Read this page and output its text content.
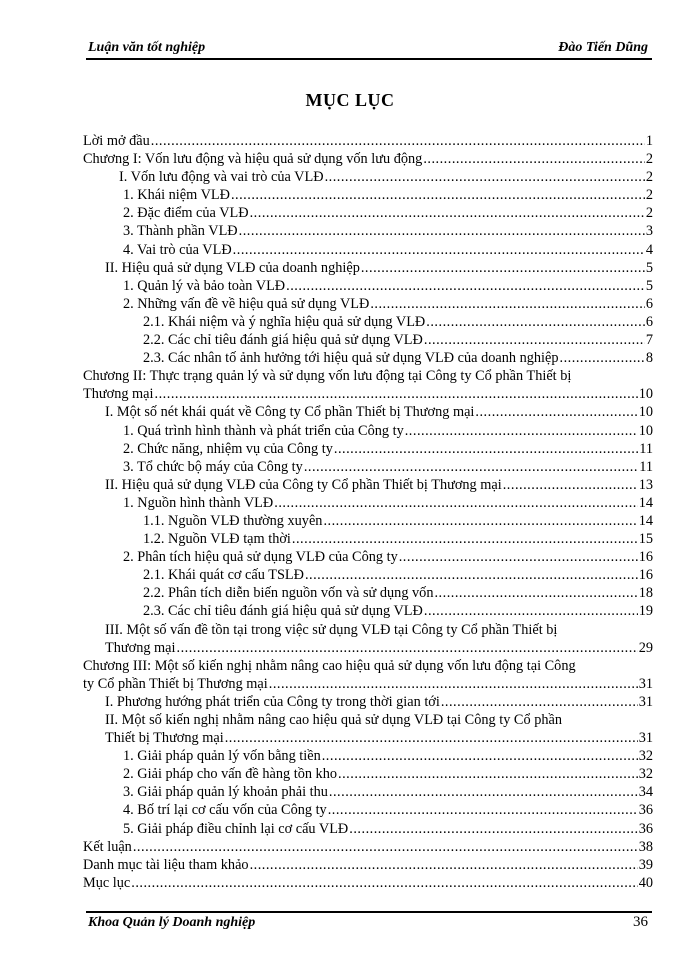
Luận văn tốt nghiệp	Đào Tiến Dũng
MỤC LỤC
Lời mở đầu .....	1
Chương I: Vốn lưu động và hiệu quả sử dụng vốn lưu động .....	2
I. Vốn lưu động và vai trò của VLĐ .....	2
1. Khái niệm VLĐ .....	2
2. Đặc điểm của VLĐ .....	2
3. Thành phần VLĐ .....	3
4. Vai trò của VLĐ .....	4
II. Hiệu quả sử dụng VLĐ của doanh nghiệp .....	5
1. Quản lý và bảo toàn VLĐ .....	5
2. Những vấn đề về hiệu quả sử dụng VLĐ .....	6
2.1. Khái niệm và ý nghĩa hiệu quả sử dụng VLĐ .....	6
2.2. Các chỉ tiêu đánh giá hiệu quả sử dụng VLĐ .....	7
2.3. Các nhân tố ảnh hưởng tới hiệu quả sử dụng VLĐ của doanh nghiệp .....	8
Chương II: Thực trạng quản lý và sử dụng vốn lưu động tại Công ty Cổ phần Thiết bị
Thương mại .....	10
I. Một số nét khái quát về Công ty Cổ phần Thiết bị Thương mại .....	10
1. Quá trình hình thành và phát triển của Công ty .....	10
2. Chức năng, nhiệm vụ của Công ty .....	11
3. Tổ chức bộ máy của Công ty .....	11
II. Hiệu quả sử dụng VLĐ của Công ty Cổ phần Thiết bị Thương mại .....	13
1. Nguồn hình thành VLĐ .....	14
1.1. Nguồn VLĐ thường xuyên .....	14
1.2. Nguồn VLĐ tạm thời .....	15
2. Phân tích hiệu quả sử dụng VLĐ của Công ty .....	16
2.1. Khái quát cơ cấu TSLĐ .....	16
2.2. Phân tích diễn biến nguồn vốn và sử dụng vốn .....	18
2.3. Các chỉ tiêu đánh giá hiệu quả sử dụng VLĐ .....	19
III. Một số vấn đề tồn tại trong việc sử dụng VLĐ tại Công ty Cổ phần Thiết bị
Thương mại .....	29
Chương III: Một số kiến nghị nhằm nâng cao hiệu quả sử dụng vốn lưu động tại Công
ty Cổ phần Thiết bị Thương mại .....	31
I. Phương hướng phát triển của Công ty trong thời gian tới .....	31
II. Một số kiến nghị nhằm nâng cao hiệu quả sử dụng VLĐ tại Công ty Cổ phần
Thiết bị Thương mại .....	31
1. Giải pháp quản lý vốn bằng tiền .....	32
2. Giải pháp cho vấn đề hàng tồn kho .....	32
3. Giải pháp quản lý khoản phải thu .....	34
4. Bố trí lại cơ cấu vốn của Công ty .....	36
5. Giải pháp điều chỉnh lại cơ cấu VLĐ .....	36
Kết luận .....	38
Danh mục tài liệu tham khảo .....	39
Mục lục .....	40
Khoa Quản lý Doanh nghiệp	36
